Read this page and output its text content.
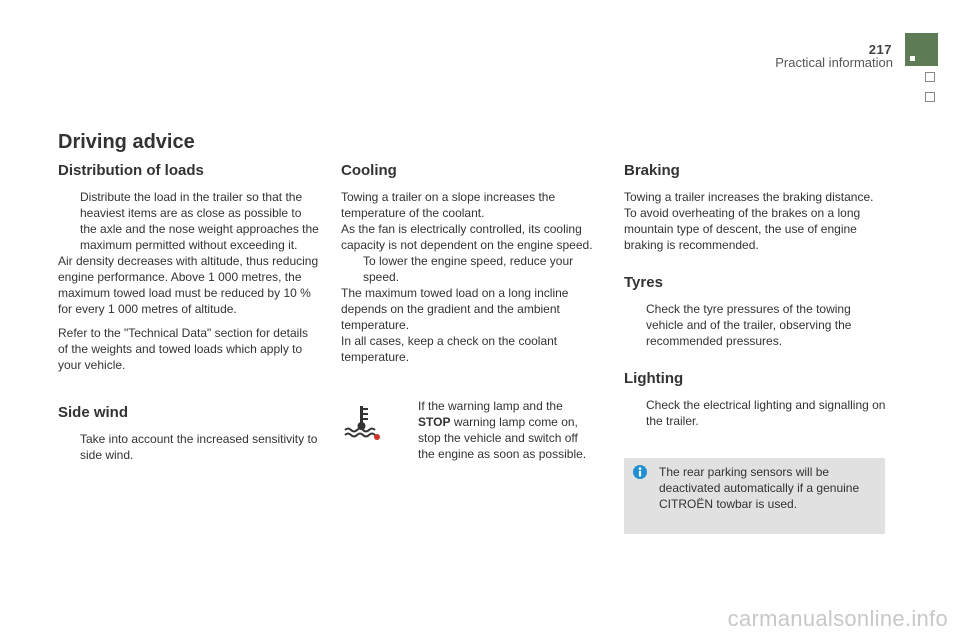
217
Practical information
Driving advice
Distribution of loads
Distribute the load in the trailer so that the heaviest items are as close as possible to the axle and the nose weight approaches the maximum permitted without exceeding it.

Air density decreases with altitude, thus reducing engine performance. Above 1 000 metres, the maximum towed load must be reduced by 10 % for every 1 000 metres of altitude.

Refer to the "Technical Data" section for details of the weights and towed loads which apply to your vehicle.

Side wind
Take into account the increased sensitivity to side wind.
Cooling

Towing a trailer on a slope increases the temperature of the coolant.

As the fan is electrically controlled, its cooling capacity is not dependent on the engine speed.

To lower the engine speed, reduce your speed.

The maximum towed load on a long incline depends on the gradient and the ambient temperature.

In all cases, keep a check on the coolant temperature.

If the warning lamp and the STOP warning lamp come on, stop the vehicle and switch off the engine as soon as possible.
Braking

Towing a trailer increases the braking distance.

To avoid overheating of the brakes on a long mountain type of descent, the use of engine braking is recommended.

Tyres
Check the tyre pressures of the towing vehicle and of the trailer, observing the recommended pressures.
Lighting
Check the electrical lighting and signalling on the trailer.
The rear parking sensors will be deactivated automatically if a genuine CITROËN towbar is used.
carmanualsonline.info
